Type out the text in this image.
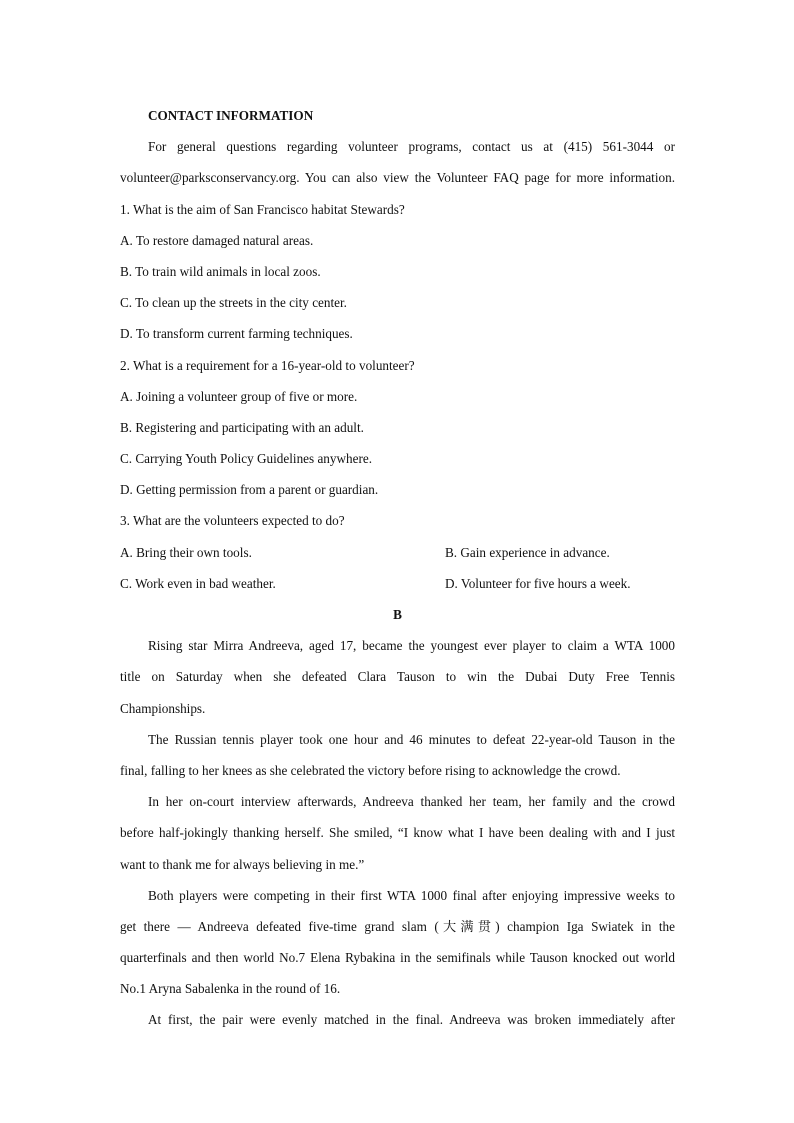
CONTACT INFORMATION
For general questions regarding volunteer programs, contact us at (415) 561-3044 or
volunteer@parksconservancy.org. You can also view the Volunteer FAQ page for more information.
1. What is the aim of San Francisco habitat Stewards?
A. To restore damaged natural areas.
B. To train wild animals in local zoos.
C. To clean up the streets in the city center.
D. To transform current farming techniques.
2. What is a requirement for a 16-year-old to volunteer?
A. Joining a volunteer group of five or more.
B. Registering and participating with an adult.
C. Carrying Youth Policy Guidelines anywhere.
D. Getting permission from a parent or guardian.
3. What are the volunteers expected to do?
A. Bring their own tools.	B. Gain experience in advance.
C. Work even in bad weather.	D. Volunteer for five hours a week.
B
Rising star Mirra Andreeva, aged 17, became the youngest ever player to claim a WTA 1000
title on Saturday when she defeated Clara Tauson to win the Dubai Duty Free Tennis
Championships.
The Russian tennis player took one hour and 46 minutes to defeat 22-year-old Tauson in the
final, falling to her knees as she celebrated the victory before rising to acknowledge the crowd.
In her on-court interview afterwards, Andreeva thanked her team, her family and the crowd
before half-jokingly thanking herself. She smiled, “I know what I have been dealing with and I just
want to thank me for always believing in me.”
Both players were competing in their first WTA 1000 final after enjoying impressive weeks to
get there — Andreeva defeated five-time grand slam (大满贯) champion Iga Swiatek in the
quarterfinals and then world No.7 Elena Rybakina in the semifinals while Tauson knocked out world
No.1 Aryna Sabalenka in the round of 16.
At first, the pair were evenly matched in the final. Andreeva was broken immediately after
